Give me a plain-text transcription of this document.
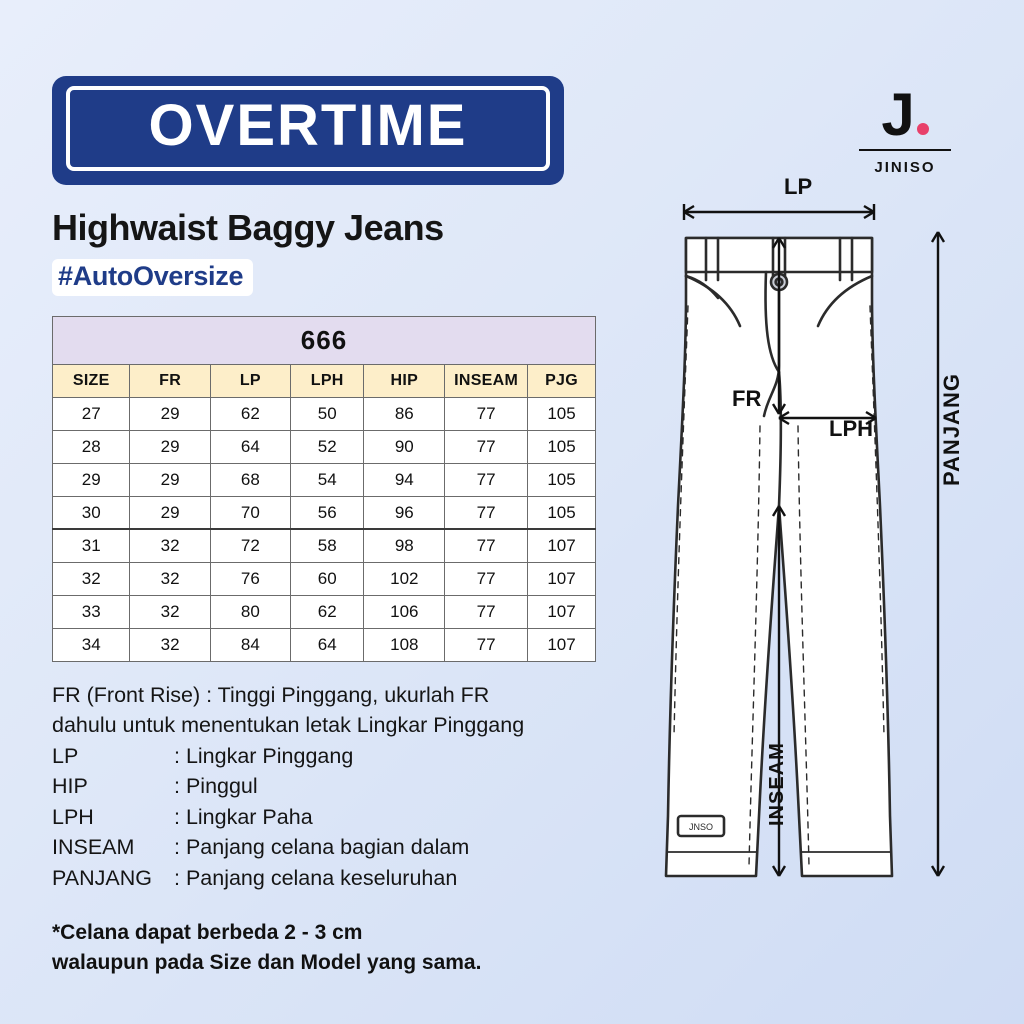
OVERTIME
Highwaist Baggy Jeans
#AutoOversize
666						
SIZE	FR	LP	LPH	HIP	INSEAM	PJG
27	29	62	50	86	77	105
28	29	64	52	90	77	105
29	29	68	54	94	77	105
30	29	70	56	96	77	105
31	32	72	58	98	77	107
32	32	76	60	102	77	107
33	32	80	62	106	77	107
34	32	84	64	108	77	107
FR (Front Rise) : Tinggi Pinggang, ukurlah FR
dahulu untuk menentukan letak Lingkar Pinggang
LP	: Lingkar Pinggang
HIP	: Pinggul
LPH	: Lingkar Paha
INSEAM : Panjang celana bagian dalam
PANJANG : Panjang celana keseluruhan
*Celana dapat berbeda 2 - 3 cm
walaupun pada Size dan Model yang sama.
J
JINISO
JNSO
LP
FR
LPH	PANJANG
INSEAM
